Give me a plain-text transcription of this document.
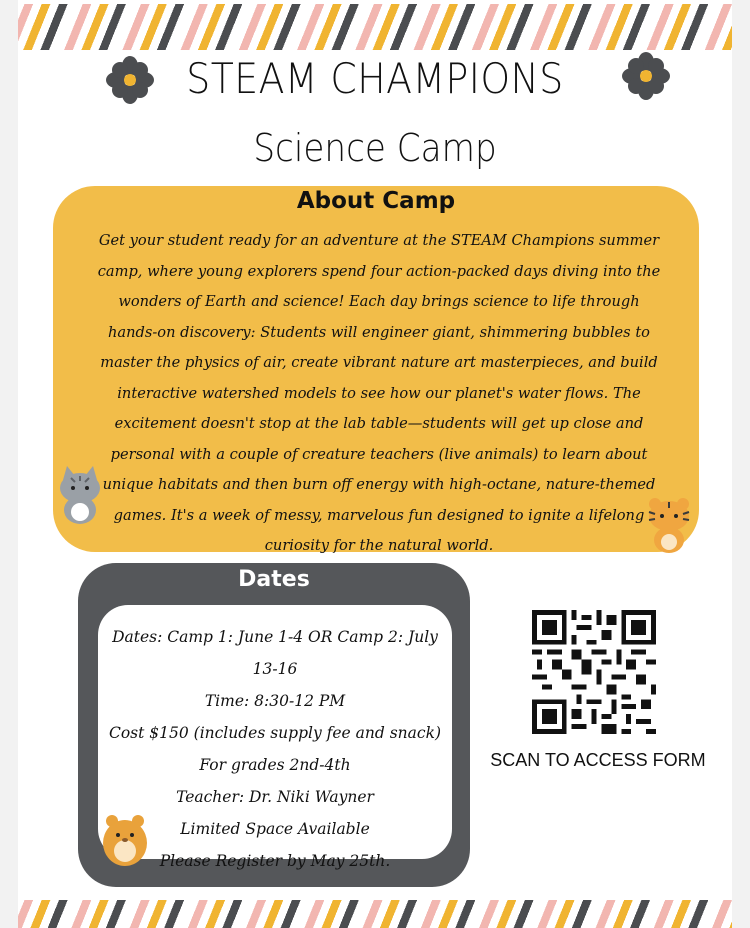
STEAM CHAMPIONS
Science Camp
About Camp

Get your student ready for an adventure at the STEAM Champions summer camp, where young explorers spend four action-packed days diving into the wonders of Earth and science! Each day brings science to life through hands-on discovery: Students will engineer giant, shimmering bubbles to master the physics of air, create vibrant nature art masterpieces, and build interactive watershed models to see how our planet's water flows. The excitement doesn't stop at the lab table—students will get up close and personal with a couple of creature teachers (live animals) to learn about unique habitats and then burn off energy with high-octane, nature-themed games. It's a week of messy, marvelous fun designed to ignite a lifelong curiosity for the natural world.

Dates
Dates: Camp 1: June 1-4 OR Camp 2: July 13-16
Time: 8:30-12 PM
Cost $150 (includes supply fee and snack)
For grades 2nd-4th
Teacher: Dr. Niki Wayner
Limited Space Available
Please Register by May 25th.
SCAN TO ACCESS FORM
